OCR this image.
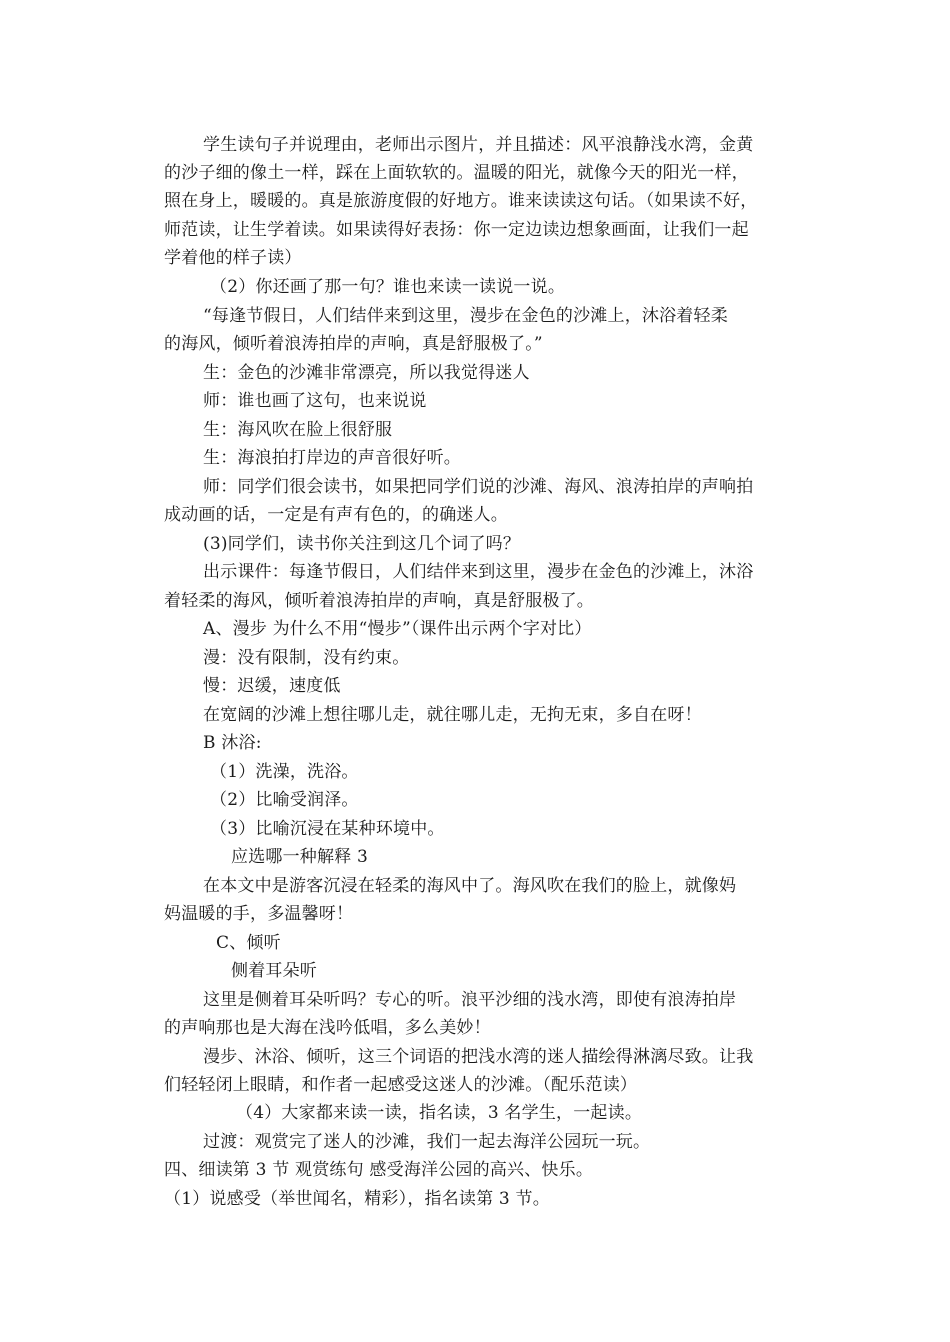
学生读句子并说理由，老师出示图片，并且描述：风平浪静浅水湾，金黄
的沙子细的像土一样，踩在上面软软的。温暖的阳光，就像今天的阳光一样，
照在身上，暖暖的。真是旅游度假的好地方。谁来读读这句话。（如果读不好，
师范读，让生学着读。如果读得好表扬：你一定边读边想象画面，让我们一起
学着他的样子读）
（2）你还画了那一句？谁也来读一读说一说。
“每逢节假日，人们结伴来到这里，漫步在金色的沙滩上，沐浴着轻柔
的海风，倾听着浪涛拍岸的声响，真是舒服极了。”
生：金色的沙滩非常漂亮，所以我觉得迷人
师：谁也画了这句，也来说说
生：海风吹在脸上很舒服
生：海浪拍打岸边的声音很好听。
师：同学们很会读书，如果把同学们说的沙滩、海风、浪涛拍岸的声响拍
成动画的话，一定是有声有色的，的确迷人。
(3)同学们，读书你关注到这几个词了吗？
出示课件：每逢节假日，人们结伴来到这里，漫步在金色的沙滩上，沐浴
着轻柔的海风，倾听着浪涛拍岸的声响，真是舒服极了。
A、漫步 为什么不用“慢步”（课件出示两个字对比）
漫：没有限制，没有约束。
慢：迟缓，速度低
在宽阔的沙滩上想往哪儿走，就往哪儿走，无拘无束，多自在呀！
B 沐浴:
（1）洗澡，洗浴。
（2）比喻受润泽。
（3）比喻沉浸在某种环境中。
应选哪一种解释 3
在本文中是游客沉浸在轻柔的海风中了。海风吹在我们的脸上，就像妈
妈温暖的手，多温馨呀！
C、倾听
侧着耳朵听
这里是侧着耳朵听吗？专心的听。浪平沙细的浅水湾，即使有浪涛拍岸
的声响那也是大海在浅吟低唱，多么美妙！
漫步、沐浴、倾听，这三个词语的把浅水湾的迷人描绘得淋漓尽致。让我
们轻轻闭上眼睛，和作者一起感受这迷人的沙滩。（配乐范读）
（4）大家都来读一读，指名读，3 名学生，一起读。
过渡：观赏完了迷人的沙滩，我们一起去海洋公园玩一玩。
四、细读第 3 节 观赏练句 感受海洋公园的高兴、快乐。
（1）说感受（举世闻名，精彩），指名读第 3 节。
